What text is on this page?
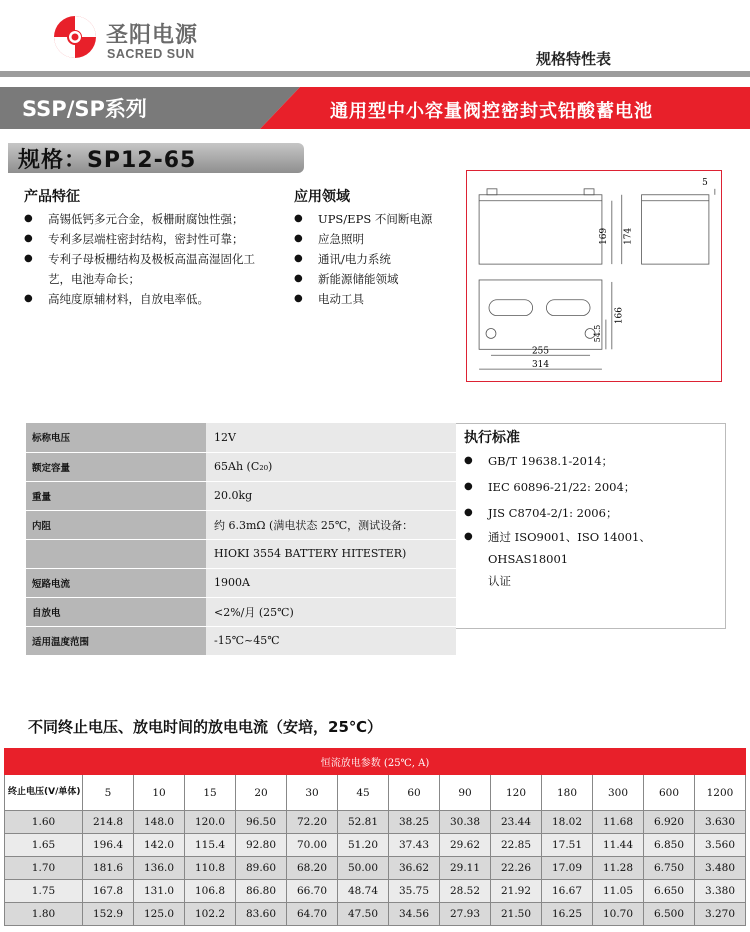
圣阳电源
SACRED SUN	规格特性表
SSP/SP系列	通用型中小容量阀控密封式铅酸蓄电池
规格：SP12-65
产品特征
● 高锡低钙多元合金，板栅耐腐蚀性强；
● 专利多层端柱密封结构，密封性可靠；
● 专利子母板栅结构及极板高温高湿固化工艺，电池寿命长；
● 高纯度原辅材料，自放电率低。
应用领域
● UPS/EPS 不间断电源
● 应急照明
● 通讯/电力系统
● 新能源储能领域
● 电动工具
169 174
5
166
54.5
255
314
标称电压	12V
额定容量	65Ah (C₂₀)
重量	20.0kg
内阻	约 6.3mΩ (满电状态 25℃，测试设备：
	HIOKI 3554 BATTERY HITESTER)
短路电流	1900A
自放电	<2%/月 (25℃)
适用温度范围	-15℃~45℃
执行标准
● GB/T 19638.1-2014；
● IEC 60896-21/22: 2004；
● JIS C8704-2/1: 2006；
● 通过 ISO9001、ISO 14001、OHSAS18001
认证
不同终止电压、放电时间的放电电流（安培，25℃）
恒流放电参数 (25℃, A)													
终止电压(V/单体)	5	10	15	20	30	45	60	90	120	180	300	600	1200
1.60	214.8	148.0	120.0	96.50	72.20	52.81	38.25	30.38	23.44	18.02	11.68	6.920	3.630
1.65	196.4	142.0	115.4	92.80	70.00	51.20	37.43	29.62	22.85	17.51	11.44	6.850	3.560
1.70	181.6	136.0	110.8	89.60	68.20	50.00	36.62	29.11	22.26	17.09	11.28	6.750	3.480
1.75	167.8	131.0	106.8	86.80	66.70	48.74	35.75	28.52	21.92	16.67	11.05	6.650	3.380
1.80	152.9	125.0	102.2	83.60	64.70	47.50	34.56	27.93	21.50	16.25	10.70	6.500	3.270
